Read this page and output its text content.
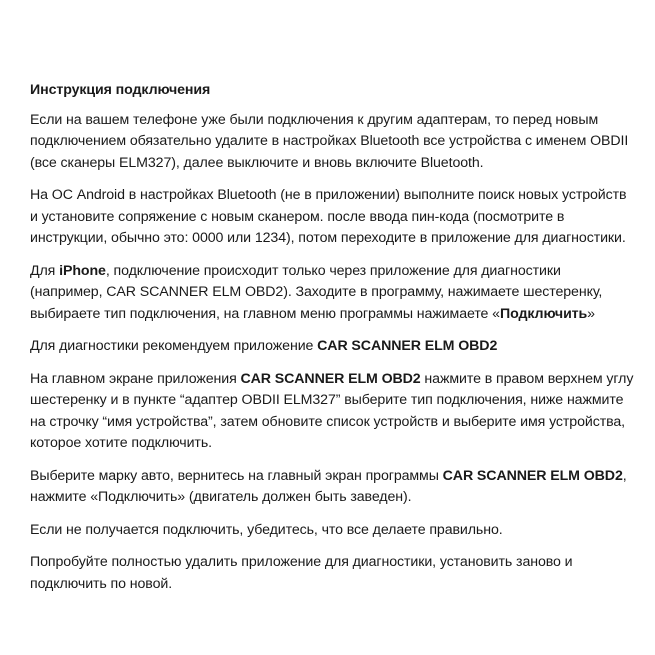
Инструкция подключения

Если на вашем телефоне уже были подключения к другим адаптерам, то перед новым подключением обязательно удалите в настройках Bluetooth все устройства с именем OBDII (все сканеры ELM327), далее выключите и вновь включите Bluetooth.

На ОС Android в настройках Bluetooth (не в приложении) выполните поиск новых устройств и установите сопряжение с новым сканером. после ввода пин-кода (посмотрите в инструкции, обычно это: 0000 или 1234), потом переходите в приложение для диагностики.

Для iPhone, подключение происходит только через приложение для диагностики (например, CAR SCANNER ELM OBD2). Заходите в программу, нажимаете шестеренку, выбираете тип подключения, на главном меню программы нажимаете «Подключить»

Для диагностики рекомендуем приложение CAR SCANNER ELM OBD2

На главном экране приложения CAR SCANNER ELM OBD2 нажмите в правом верхнем углу шестеренку и в пункте “адаптер OBDII ELM327” выберите тип подключения, ниже нажмите на строчку “имя устройства”, затем обновите список устройств и выберите имя устройства, которое хотите подключить.

Выберите марку авто, вернитесь на главный экран программы CAR SCANNER ELM OBD2, нажмите «Подключить» (двигатель должен быть заведен).

Если не получается подключить, убедитесь, что все делаете правильно.

Попробуйте полностью удалить приложение для диагностики, установить заново и подключить по новой.
